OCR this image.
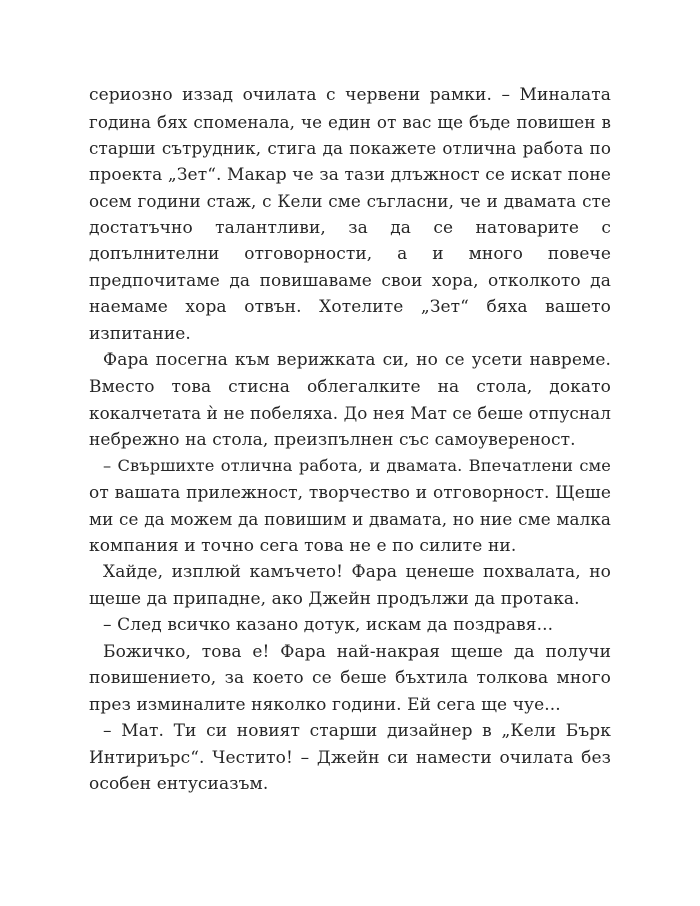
сериозно иззад очилата с червени рамки. – Миналата
година бях споменала, че един от вас ще бъде повишен в
старши сътрудник, стига да покажете отлична работа по
проекта „Зет“. Макар че за тази длъжност се искат поне
осем години стаж, с Кели сме съгласни, че и двамата сте
достатъчно талантливи, за да се натоварите с
допълнителни отговорности, а и много повече
предпочитаме да повишаваме свои хора, отколкото да
наемаме хора отвън. Хотелите „Зет“ бяха вашето
изпитание.
Фара посегна към верижката си, но се усети навреме.
Вместо това стисна облегалките на стола, докато
кокалчетата ѝ не побеляха. До нея Мат се беше отпуснал
небрежно на стола, преизпълнен със самоувереност.
– Свършихте отлична работа, и двамата. Впечатлени сме
от вашата прилежност, творчество и отговорност. Щеше
ми се да можем да повишим и двамата, но ние сме малка
компания и точно сега това не е по силите ни.
Хайде, изплюй камъчето! Фара ценеше похвалата, но
щеше да припадне, ако Джейн продължи да протака.
– След всичко казано дотук, искам да поздравя...
Божичко, това е! Фара най-накрая щеше да получи
повишението, за което се беше бъхтила толкова много
през изминалите няколко години. Ей сега ще чуе...
– Мат. Ти си новият старши дизайнер в „Кели Бърк
Интириърс“. Честито! – Джейн си намести очилата без
особен ентусиазъм.
